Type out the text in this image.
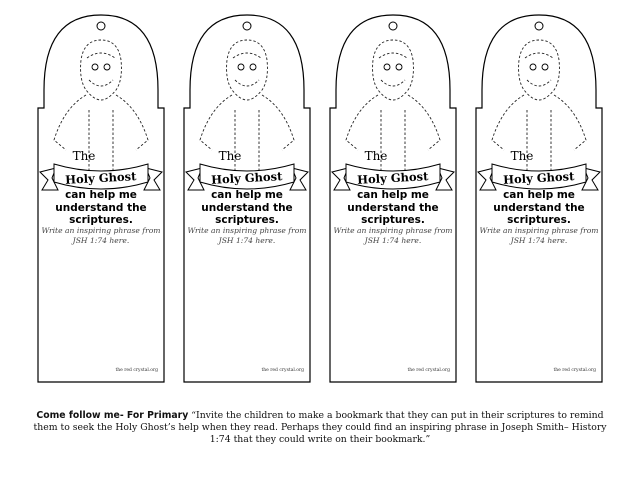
The
Holy Ghost
can help me
understand the
scriptures.
Write an inspiring phrase from
JSH 1:74 here.
the red crystal.org
The
Holy Ghost
can help me
understand the
scriptures.
Write an inspiring phrase from
JSH 1:74 here.
the red crystal.org
The
Holy Ghost
can help me
understand the
scriptures.
Write an inspiring phrase from
JSH 1:74 here.
the red crystal.org
The
Holy Ghost
can help me
understand the
scriptures.
Write an inspiring phrase from
JSH 1:74 here.
the red crystal.org
Come follow me- For Primary “Invite the children to make a bookmark that they can put in their scriptures to remind them to seek the Holy Ghost’s help when they read. Perhaps they could find an inspiring phrase in Joseph Smith– History 1:74 that they could write on their bookmark.”
